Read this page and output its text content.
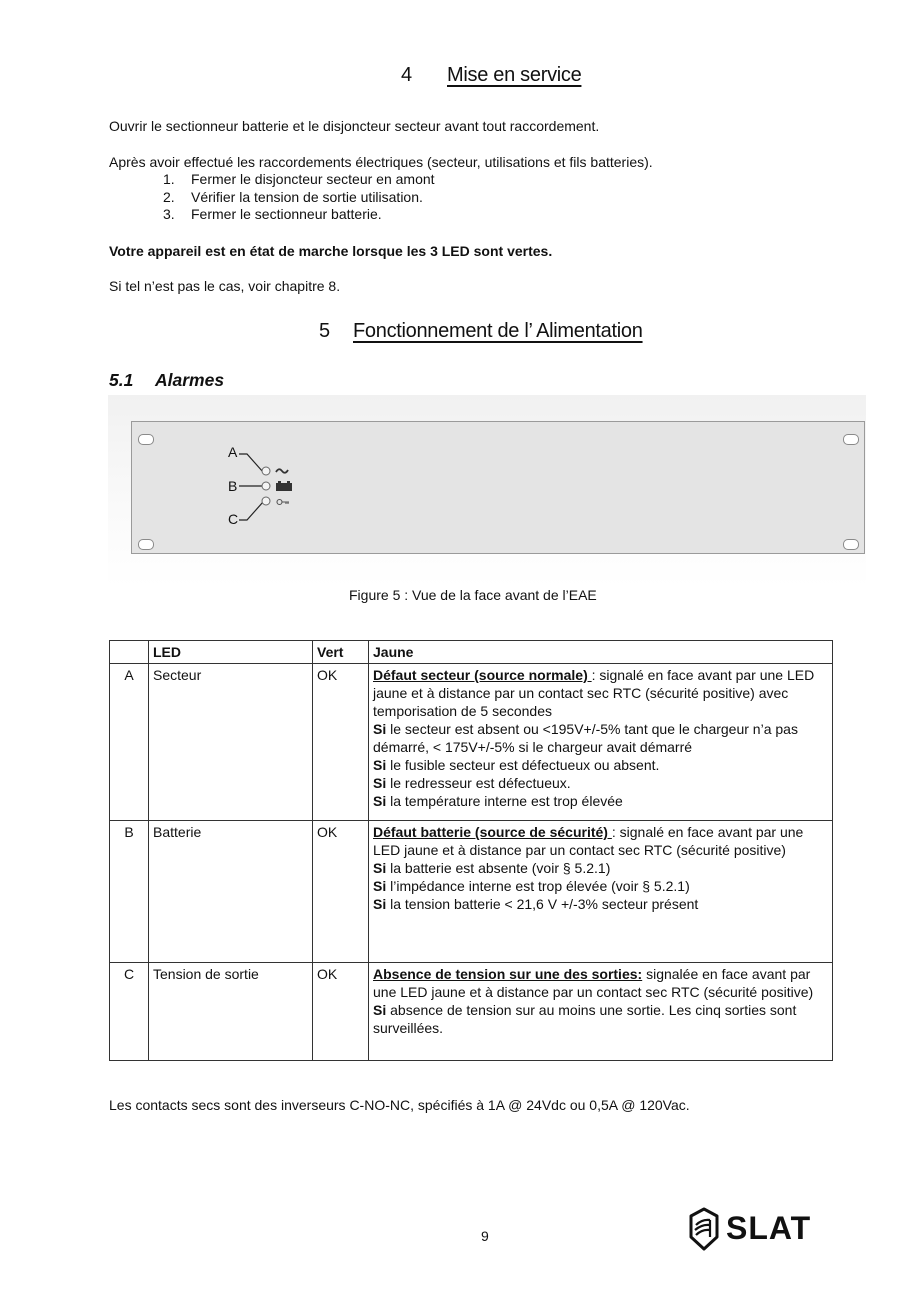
4 Mise en service
Ouvrir le sectionneur batterie et le disjoncteur secteur avant tout raccordement.
Après avoir effectué les raccordements électriques (secteur, utilisations et fils batteries).
1. Fermer le disjoncteur secteur en amont
2. Vérifier la tension de sortie utilisation.
3. Fermer le sectionneur batterie.
Votre appareil est en état de marche lorsque les 3 LED sont vertes.
Si tel n’est pas le cas, voir chapitre 8.
5 Fonctionnement de l’ Alimentation
5.1 Alarmes
A
B
C
Figure 5 : Vue de la face avant de l’EAE
	LED	Vert	Jaune
A	Secteur	OK	Défaut secteur (source normale) : signalé en face avant par une LED jaune et à distance par un contact sec RTC (sécurité positive) avec temporisation de 5 secondes
Si le secteur est absent ou <195V+/-5% tant que le chargeur n’a pas démarré, < 175V+/-5% si le chargeur avait démarré
Si le fusible secteur est défectueux ou absent.
Si le redresseur est défectueux.
Si la température interne est trop élevée
B	Batterie	OK	Défaut batterie (source de sécurité) : signalé en face avant par une LED jaune et à distance par un contact sec RTC (sécurité positive)
Si la batterie est absente (voir § 5.2.1)
Si l’impédance interne est trop élevée (voir § 5.2.1)
Si la tension batterie < 21,6 V +/-3% secteur présent
C	Tension de sortie	OK	Absence de tension sur une des sorties: signalée en face avant par une LED jaune et à distance par un contact sec RTC (sécurité positive)
Si absence de tension sur au moins une sortie. Les cinq sorties sont surveillées.
Les contacts secs sont des inverseurs C-NO-NC, spécifiés à 1A @ 24Vdc ou 0,5A @ 120Vac.
9	SLAT
